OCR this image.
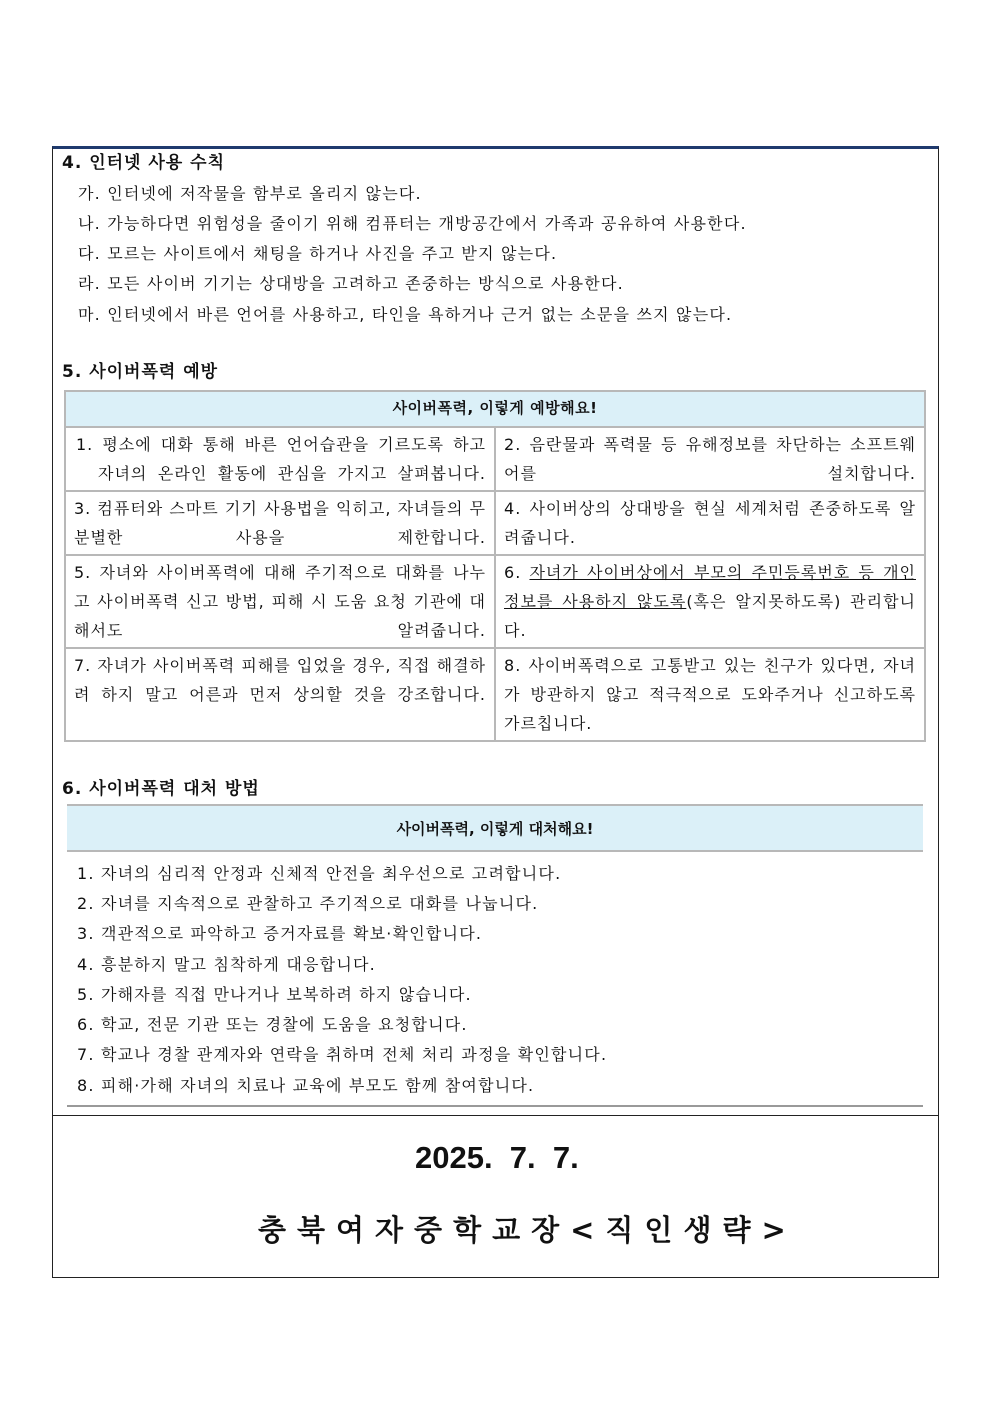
4. 인터넷 사용 수칙
가. 인터넷에 저작물을 함부로 올리지 않는다.
나. 가능하다면 위험성을 줄이기 위해 컴퓨터는 개방공간에서 가족과 공유하여 사용한다.
다. 모르는 사이트에서 채팅을 하거나 사진을 주고 받지 않는다.
라. 모든 사이버 기기는 상대방을 고려하고 존중하는 방식으로 사용한다.
마. 인터넷에서 바른 언어를 사용하고, 타인을 욕하거나 근거 없는 소문을 쓰지 않는다.
5. 사이버폭력 예방
사이버폭력, 이렇게 예방해요!	

1. 평소에 대화 통해 바른 언어습관을 기르도록 하고 자녀의 온라인 활동에 관심을 가지고 살펴봅니다.	2. 음란물과 폭력물 등 유해정보를 차단하는 소프트웨어를 설치합니다.

3. 컴퓨터와 스마트 기기 사용법을 익히고, 자녀들의 무분별한 사용을 제한합니다.	4. 사이버상의 상대방을 현실 세계처럼 존중하도록 알려줍니다.

5. 자녀와 사이버폭력에 대해 주기적으로 대화를 나누고 사이버폭력 신고 방법, 피해 시 도움 요청 기관에 대해서도 알려줍니다.	6. 자녀가 사이버상에서 부모의 주민등록번호 등 개인정보를 사용하지 않도록(혹은 알지못하도록) 관리합니다.

7. 자녀가 사이버폭력 피해를 입었을 경우, 직접 해결하려 하지 말고 어른과 먼저 상의할 것을 강조합니다.	8. 사이버폭력으로 고통받고 있는 친구가 있다면, 자녀가 방관하지 않고 적극적으로 도와주거나 신고하도록 가르칩니다.
6. 사이버폭력 대처 방법
사이버폭력, 이렇게 대처해요!
1. 자녀의 심리적 안정과 신체적 안전을 최우선으로 고려합니다.
2. 자녀를 지속적으로 관찰하고 주기적으로 대화를 나눕니다.
3. 객관적으로 파악하고 증거자료를 확보·확인합니다.
4. 흥분하지 말고 침착하게 대응합니다.
5. 가해자를 직접 만나거나 보복하려 하지 않습니다.
6. 학교, 전문 기관 또는 경찰에 도움을 요청합니다.
7. 학교나 경찰 관계자와 연락을 취하며 전체 처리 과정을 확인합니다.
8. 피해·가해 자녀의 치료나 교육에 부모도 함께 참여합니다.
2025.  7.  7.
충북여자중학교장<직인생략>
